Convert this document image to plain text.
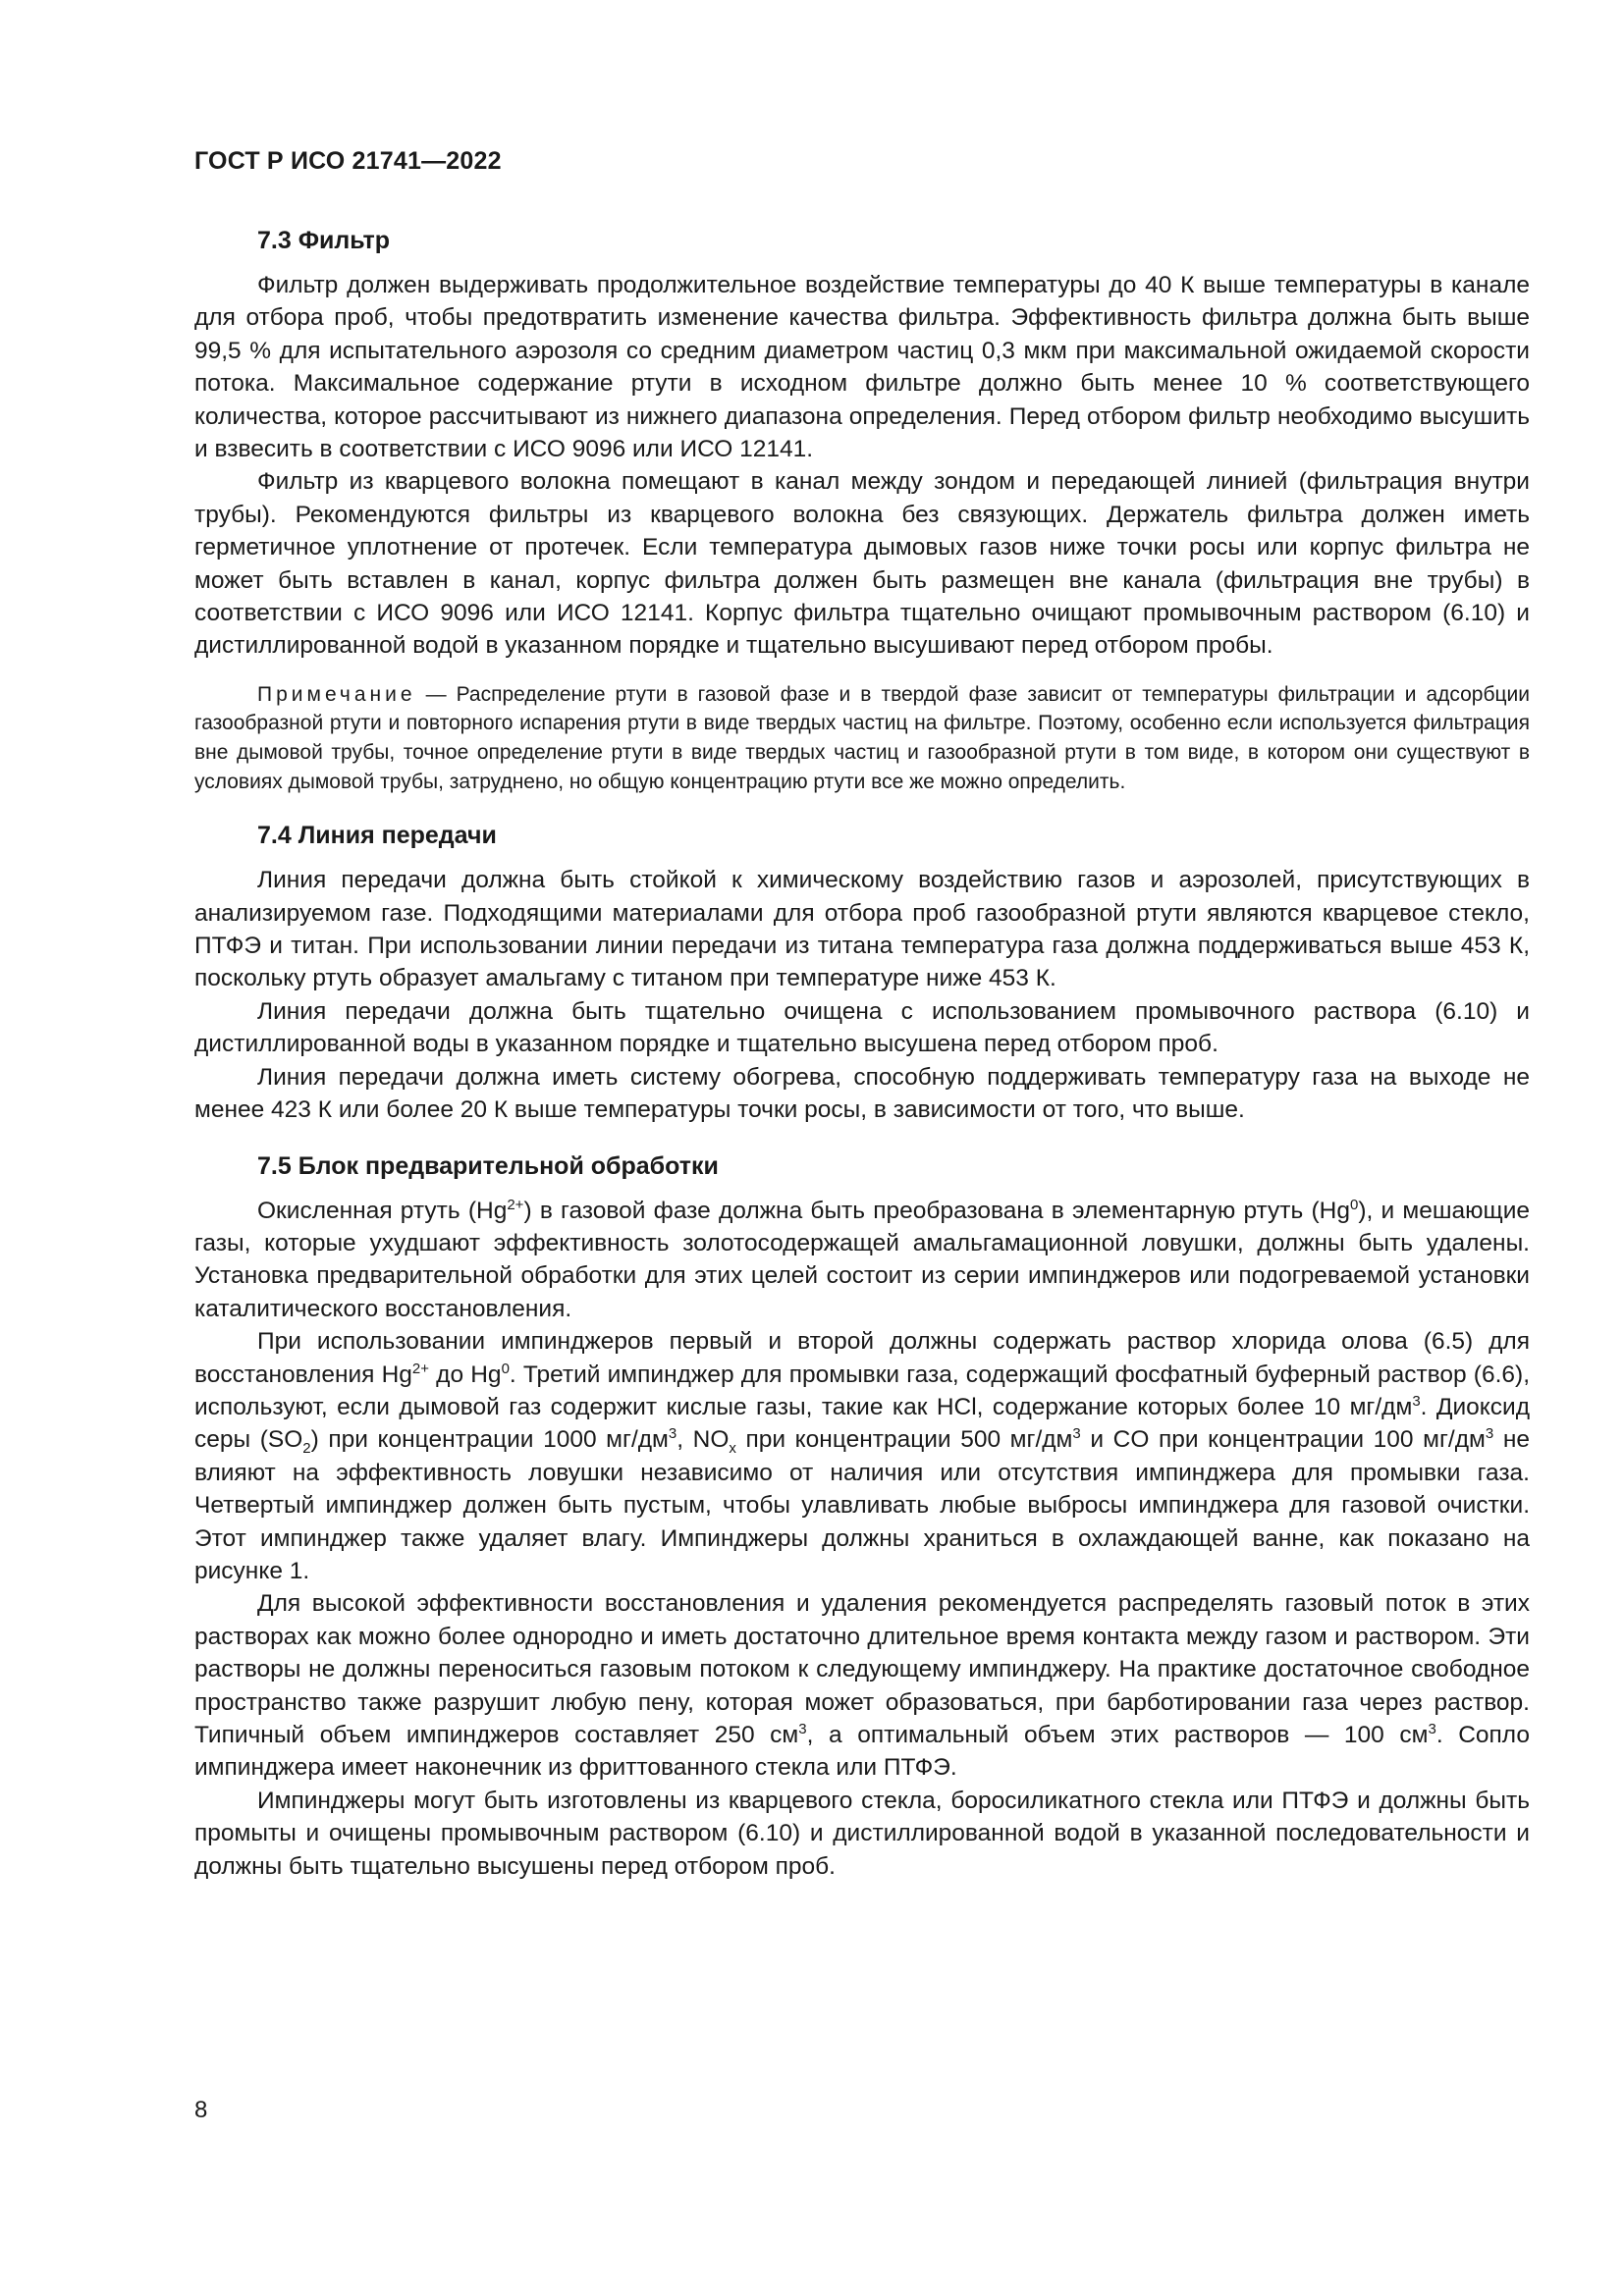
ГОСТ Р ИСО 21741—2022
7.3 Фильтр

Фильтр должен выдерживать продолжительное воздействие температуры до 40 К выше температуры в канале для отбора проб, чтобы предотвратить изменение качества фильтра. Эффективность фильтра должна быть выше 99,5 % для испытательного аэрозоля со средним диаметром частиц 0,3 мкм при максимальной ожидаемой скорости потока. Максимальное содержание ртути в исходном фильтре должно быть менее 10 % соответствующего количества, которое рассчитывают из нижнего диапазона определения. Перед отбором фильтр необходимо высушить и взвесить в соответствии с ИСО 9096 или ИСО 12141.

Фильтр из кварцевого волокна помещают в канал между зондом и передающей линией (фильтрация внутри трубы). Рекомендуются фильтры из кварцевого волокна без связующих. Держатель фильтра должен иметь герметичное уплотнение от протечек. Если температура дымовых газов ниже точки росы или корпус фильтра не может быть вставлен в канал, корпус фильтра должен быть размещен вне канала (фильтрация вне трубы) в соответствии с ИСО 9096 или ИСО 12141. Корпус фильтра тщательно очищают промывочным раствором (6.10) и дистиллированной водой в указанном порядке и тщательно высушивают перед отбором пробы.

Примечание — Распределение ртути в газовой фазе и в твердой фазе зависит от температуры фильтрации и адсорбции газообразной ртути и повторного испарения ртути в виде твердых частиц на фильтре. Поэтому, особенно если используется фильтрация вне дымовой трубы, точное определение ртути в виде твердых частиц и газообразной ртути в том виде, в котором они существуют в условиях дымовой трубы, затруднено, но общую концентрацию ртути все же можно определить.

7.4 Линия передачи

Линия передачи должна быть стойкой к химическому воздействию газов и аэрозолей, присутствующих в анализируемом газе. Подходящими материалами для отбора проб газообразной ртути являются кварцевое стекло, ПТФЭ и титан. При использовании линии передачи из титана температура газа должна поддерживаться выше 453 К, поскольку ртуть образует амальгаму с титаном при температуре ниже 453 К.

Линия передачи должна быть тщательно очищена с использованием промывочного раствора (6.10) и дистиллированной воды в указанном порядке и тщательно высушена перед отбором проб.

Линия передачи должна иметь систему обогрева, способную поддерживать температуру газа на выходе не менее 423 К или более 20 К выше температуры точки росы, в зависимости от того, что выше.

7.5 Блок предварительной обработки

Окисленная ртуть $(Hg^{2+})$ в газовой фазе должна быть преобразована в элементарную ртуть (Hg$^0$), и мешающие газы, которые ухудшают эффективность золотосодержащей амальгамационной ловушки, должны быть удалены. Установка предварительной обработки для этих целей состоит из серии импинджеров или подогреваемой установки каталитического восстановления.

При использовании импинджеров первый и второй должны содержать раствор хлорида олова (6.5) для восстановления $Hg^{2+}$ до Hg$^0$. Третий импинджер для промывки газа, содержащий фосфатный буферный раствор (6.6), используют, если дымовой газ содержит кислые газы, такие как HCl, содержание которых более 10 $мг/дм^3$. Диоксид серы $(SO_2)$ при концентрации 1000 $мг/дм^3$, $NO_x$ при концентрации 500 $мг/дм^3$ и CO при концентрации 100 $мг/дм^3$ не влияют на эффективность ловушки независимо от наличия или отсутствия импинджера для промывки газа. Четвертый импинджер должен быть пустым, чтобы улавливать любые выбросы импинджера для газовой очистки. Этот импинджер также удаляет влагу. Импинджеры должны храниться в охлаждающей ванне, как показано на рисунке 1.

Для высокой эффективности восстановления и удаления рекомендуется распределять газовый поток в этих растворах как можно более однородно и иметь достаточно длительное время контакта между газом и раствором. Эти растворы не должны переноситься газовым потоком к следующему импинджеру. На практике достаточное свободное пространство также разрушит любую пену, которая может образоваться, при барботировании газа через раствор. Типичный объем импинджеров составляет 250 $см^3$, а оптимальный объем этих растворов — 100 $см^3$. Сопло импинджера имеет наконечник из фриттованного стекла или ПТФЭ.

Импинджеры могут быть изготовлены из кварцевого стекла, боросиликатного стекла или ПТФЭ и должны быть промыты и очищены промывочным раствором (6.10) и дистиллированной водой в указанной последовательности и должны быть тщательно высушены перед отбором проб.

8
